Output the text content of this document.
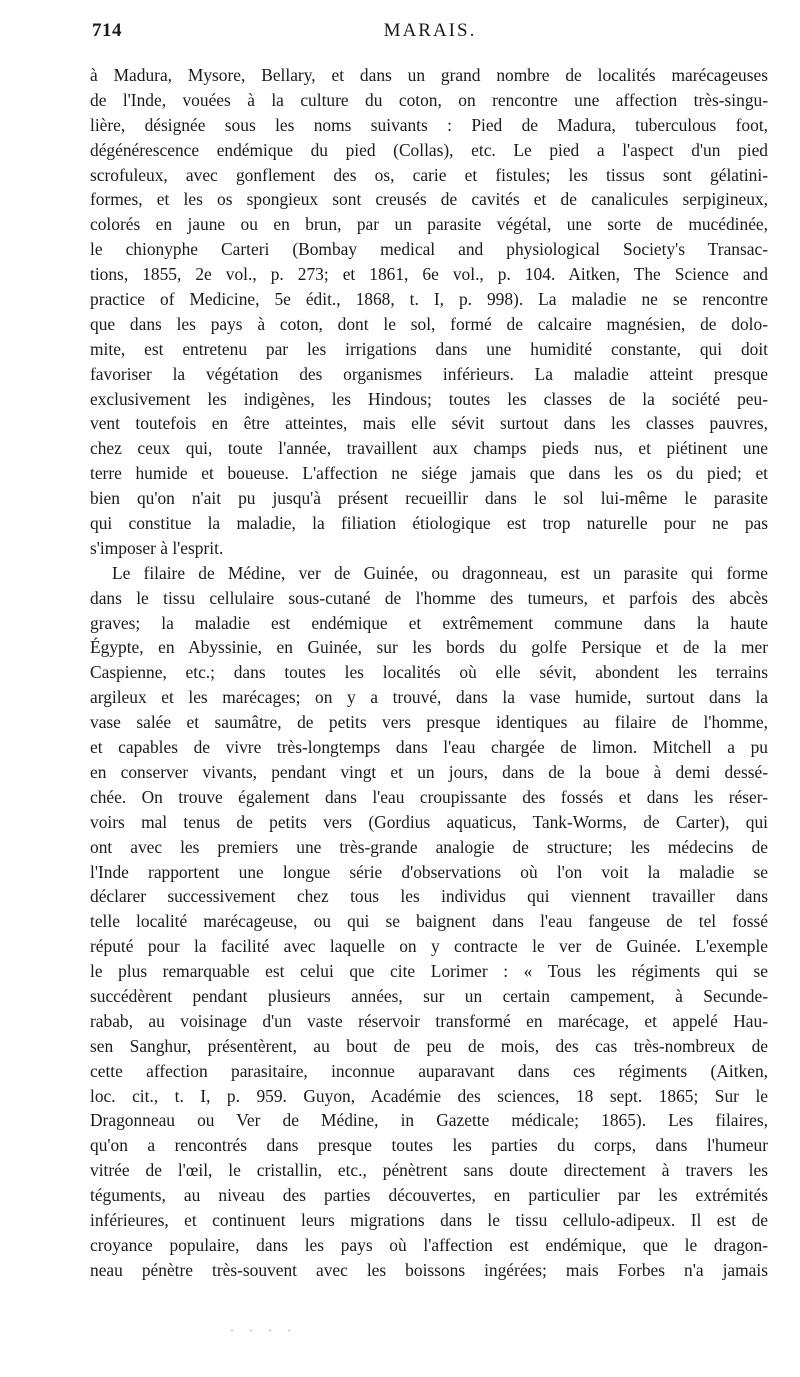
714	MARAIS.
à Madura, Mysore, Bellary, et dans un grand nombre de localités marécageuses
de l'Inde, vouées à la culture du coton, on rencontre une affection très-singu-
lière, désignée sous les noms suivants : Pied de Madura, tuberculous foot,
dégénérescence endémique du pied (Collas), etc. Le pied a l'aspect d'un pied
scrofuleux, avec gonflement des os, carie et fistules; les tissus sont gélatini-
formes, et les os spongieux sont creusés de cavités et de canalicules serpigineux,
colorés en jaune ou en brun, par un parasite végétal, une sorte de mucédinée,
le chionyphe Carteri (Bombay medical and physiological Society's Transac-
tions, 1855, 2e vol., p. 273; et 1861, 6e vol., p. 104. Aitken, The Science and
practice of Medicine, 5e édit., 1868, t. I, p. 998). La maladie ne se rencontre
que dans les pays à coton, dont le sol, formé de calcaire magnésien, de dolo-
mite, est entretenu par les irrigations dans une humidité constante, qui doit
favoriser la végétation des organismes inférieurs. La maladie atteint presque
exclusivement les indigènes, les Hindous; toutes les classes de la société peu-
vent toutefois en être atteintes, mais elle sévit surtout dans les classes pauvres,
chez ceux qui, toute l'année, travaillent aux champs pieds nus, et piétinent une
terre humide et boueuse. L'affection ne siége jamais que dans les os du pied; et
bien qu'on n'ait pu jusqu'à présent recueillir dans le sol lui-même le parasite
qui constitue la maladie, la filiation étiologique est trop naturelle pour ne pas
s'imposer à l'esprit.
Le filaire de Médine, ver de Guinée, ou dragonneau, est un parasite qui forme
dans le tissu cellulaire sous-cutané de l'homme des tumeurs, et parfois des abcès
graves; la maladie est endémique et extrêmement commune dans la haute
Égypte, en Abyssinie, en Guinée, sur les bords du golfe Persique et de la mer
Caspienne, etc.; dans toutes les localités où elle sévit, abondent les terrains
argileux et les marécages; on y a trouvé, dans la vase humide, surtout dans la
vase salée et saumâtre, de petits vers presque identiques au filaire de l'homme,
et capables de vivre très-longtemps dans l'eau chargée de limon. Mitchell a pu
en conserver vivants, pendant vingt et un jours, dans de la boue à demi dessé-
chée. On trouve également dans l'eau croupissante des fossés et dans les réser-
voirs mal tenus de petits vers (Gordius aquaticus, Tank-Worms, de Carter), qui
ont avec les premiers une très-grande analogie de structure; les médecins de
l'Inde rapportent une longue série d'observations où l'on voit la maladie se
déclarer successivement chez tous les individus qui viennent travailler dans
telle localité marécageuse, ou qui se baignent dans l'eau fangeuse de tel fossé
réputé pour la facilité avec laquelle on y contracte le ver de Guinée. L'exemple
le plus remarquable est celui que cite Lorimer : « Tous les régiments qui se
succédèrent pendant plusieurs années, sur un certain campement, à Secunde-
rabab, au voisinage d'un vaste réservoir transformé en marécage, et appelé Hau-
sen Sanghur, présentèrent, au bout de peu de mois, des cas très-nombreux de
cette affection parasitaire, inconnue auparavant dans ces régiments (Aitken,
loc. cit., t. I, p. 959. Guyon, Académie des sciences, 18 sept. 1865; Sur le
Dragonneau ou Ver de Médine, in Gazette médicale; 1865). Les filaires,
qu'on a rencontrés dans presque toutes les parties du corps, dans l'humeur
vitrée de l'œil, le cristallin, etc., pénètrent sans doute directement à travers les
téguments, au niveau des parties découvertes, en particulier par les extrémités
inférieures, et continuent leurs migrations dans le tissu cellulo-adipeux. Il est de
croyance populaire, dans les pays où l'affection est endémique, que le dragon-
neau pénètre très-souvent avec les boissons ingérées; mais Forbes n'a jamais
· · · ·
